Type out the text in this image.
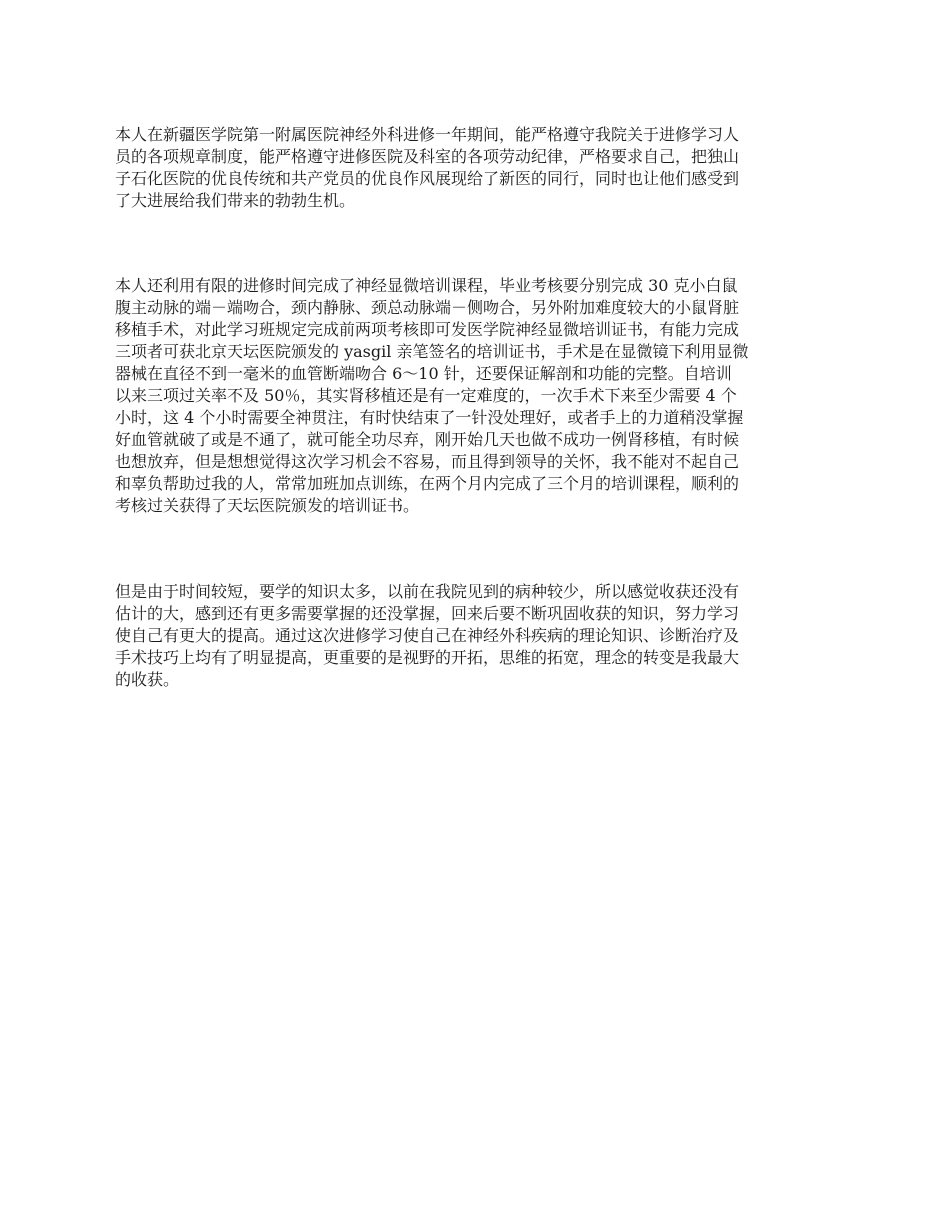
本人在新疆医学院第一附属医院神经外科进修一年期间，能严格遵守我院关于进修学习人
员的各项规章制度，能严格遵守进修医院及科室的各项劳动纪律，严格要求自己，把独山
子石化医院的优良传统和共产党员的优良作风展现给了新医的同行，同时也让他们感受到
了大进展给我们带来的勃勃生机。

本人还利用有限的进修时间完成了神经显微培训课程，毕业考核要分别完成 30 克小白鼠
腹主动脉的端－端吻合，颈内静脉、颈总动脉端－侧吻合，另外附加难度较大的小鼠肾脏
移植手术，对此学习班规定完成前两项考核即可发医学院神经显微培训证书，有能力完成
三项者可获北京天坛医院颁发的 yasgil 亲笔签名的培训证书，手术是在显微镜下利用显微
器械在直径不到一毫米的血管断端吻合 6～10 针，还要保证解剖和功能的完整。自培训
以来三项过关率不及 50％，其实肾移植还是有一定难度的，一次手术下来至少需要 4 个
小时，这 4 个小时需要全神贯注，有时快结束了一针没处理好，或者手上的力道稍没掌握
好血管就破了或是不通了，就可能全功尽弃，刚开始几天也做不成功一例肾移植，有时候
也想放弃，但是想想觉得这次学习机会不容易，而且得到领导的关怀，我不能对不起自己
和辜负帮助过我的人，常常加班加点训练，在两个月内完成了三个月的培训课程，顺利的
考核过关获得了天坛医院颁发的培训证书。

但是由于时间较短，要学的知识太多，以前在我院见到的病种较少，所以感觉收获还没有
估计的大，感到还有更多需要掌握的还没掌握，回来后要不断巩固收获的知识，努力学习
使自己有更大的提高。通过这次进修学习使自己在神经外科疾病的理论知识、诊断治疗及
手术技巧上均有了明显提高，更重要的是视野的开拓，思维的拓宽，理念的转变是我最大
的收获。
